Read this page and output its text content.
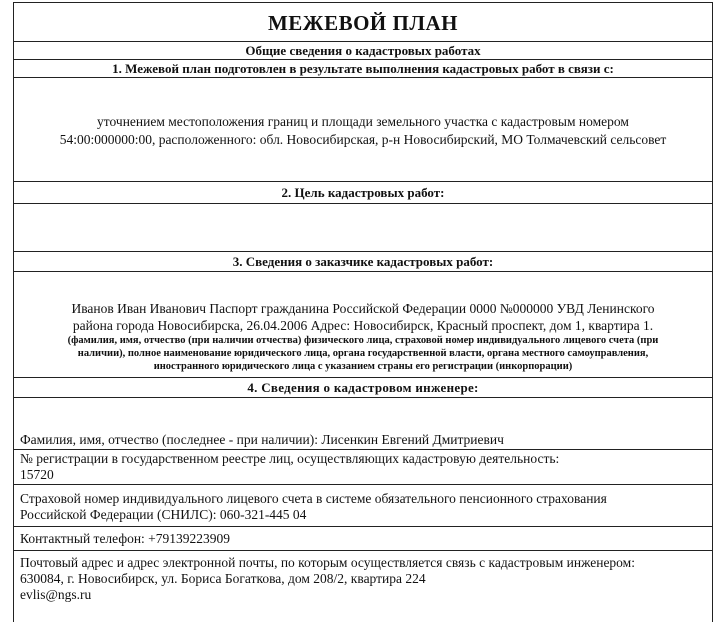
МЕЖЕВОЙ ПЛАН
Общие сведения о кадастровых работах
1. Межевой план подготовлен в результате выполнения кадастровых работ в связи с:
уточнением местоположения границ и площади земельного участка с кадастровым номером
54:00:000000:00, расположенного: обл. Новосибирская, р-н Новосибирский, МО Толмачевский сельсовет
2. Цель кадастровых работ:
3. Сведения о заказчике кадастровых работ:
Иванов Иван Иванович Паспорт гражданина Российской Федерации 0000 №000000 УВД Ленинского
района города Новосибирска, 26.04.2006 Адрес: Новосибирск, Красный проспект, дом 1, квартира 1.
(фамилия, имя, отчество (при наличии отчества) физического лица, страховой номер индивидуального лицевого счета (при
наличии), полное наименование юридического лица, органа государственной власти, органа местного самоуправления,
иностранного юридического лица с указанием страны его регистрации (инкорпорации)
4. Сведения о кадастровом инженере:
Фамилия, имя, отчество (последнее - при наличии): Лисенкин Евгений Дмитриевич
№ регистрации в государственном реестре лиц, осуществляющих кадастровую деятельность:
15720
Страховой номер индивидуального лицевого счета в системе обязательного пенсионного страхования
Российской Федерации (СНИЛС): 060-321-445 04
Контактный телефон: +79139223909
Почтовый адрес и адрес электронной почты, по которым осуществляется связь с кадастровым инженером:
630084, г. Новосибирск, ул. Бориса Богаткова, дом 208/2, квартира 224
evlis@ngs.ru
